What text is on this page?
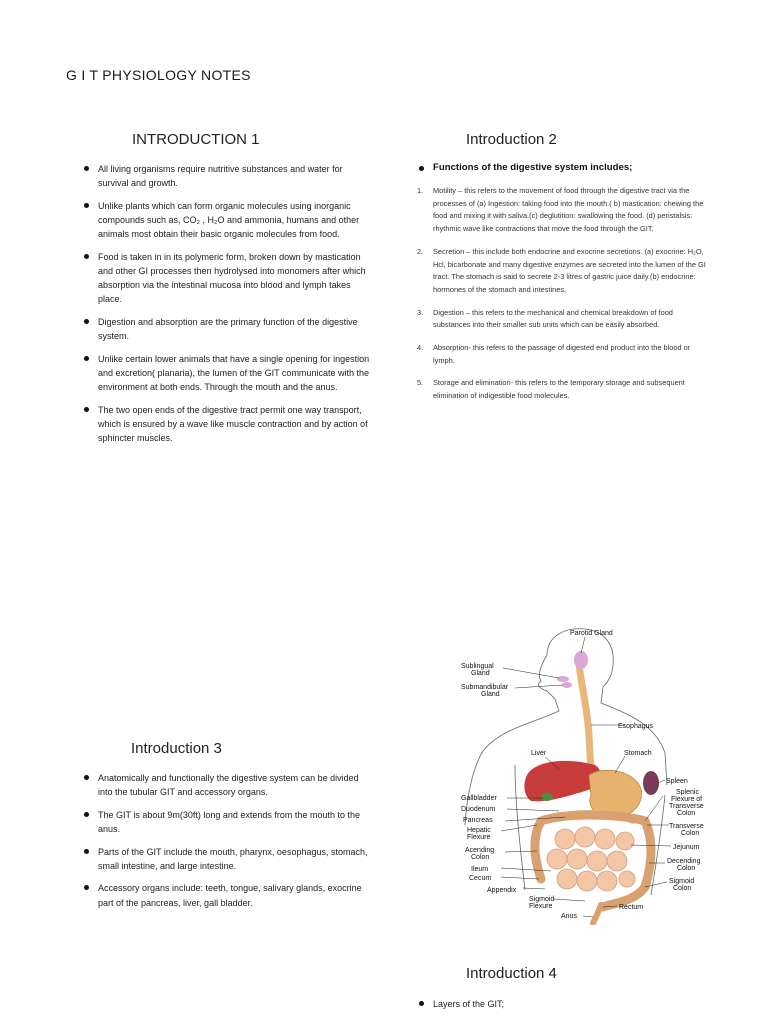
G I T PHYSIOLOGY NOTES
INTRODUCTION 1
All living organisms require nutritive substances and water for survival and growth.
Unlike plants which can form organic molecules using inorganic compounds such as, CO₂ , H₂O and ammonia, humans and other animals most obtain their basic organic molecules from food.
Food is taken in in its polymeric form, broken down by mastication and other GI processes then hydrolysed into monomers after which absorption via the intestinal mucosa into blood and lymph takes place.
Digestion and absorption are the primary function of the digestive system.
Unlike certain lower animals that have a single opening for ingestion and excretion( planaria), the lumen of the GIT communicate with the environment at both ends. Through the mouth and the anus.
The two open ends of the digestive tract permit one way transport, which is ensured by a wave like muscle contraction and by action of sphincter muscles.
Introduction 2
Functions of the digestive system includes;
1. Motility – this refers to the movement of food through the digestive tract via the processes of (a) Ingestion: taking food into the mouth.( b) mastication: chewing the food and mixing it with saliva.(c) deglutition: swallowing the food. (d) peristalsis: rhythmic wave like contractions that move the food through the GIT.
2. Secretion – this include both endocrine and exocrine secretions. (a) exocrine: H₂O, Hcl, bicarbonate and many digestive enzymes are secreted into the lumen of the GI tract. The stomach is said to secrete 2-3 litres of gastric juice daily.(b) endocrine: hormones of the stomach and intestines.
3. Digestion – this refers to the mechanical and chemical breakdown of food substances into their smaller sub units which can be easily absorbed.
4. Absorption- this refers to the passage of digested end product into the blood or lymph.
5. Storage and elimination- this refers to the temporary storage and subsequent elimination of indigestible food molecules.
Introduction 3
Anatomically and functionally the digestive system can be divided into the tubular GIT and accessory organs.
The GIT is about 9m(30ft) long and extends from the mouth to the anus.
Parts of the GIT include the mouth, pharynx, oesophagus, stomach, small intestine, and large intestine.
Accessory organs include: teeth, tongue, salivary glands, exocrine part of the pancreas, liver, gall bladder.
Introduction 4
Layers of the GIT;
Parotid Gland
Sublingual
Gland
Submandibular
Gland
Esophagus
Liver	Stomach
Spleen
Splenic
Flexure of
Transverse
Colon
Gallbladder
Duodenum
Pancreas
Hepatic
Flexure
Transverse
Colon
Acending
Colon
Jejunum
Decending
Colon
Ileum
Cecum	Sigmoid
Colon
Appendix
Sigmoid
Flexure	Rectum
Anus
